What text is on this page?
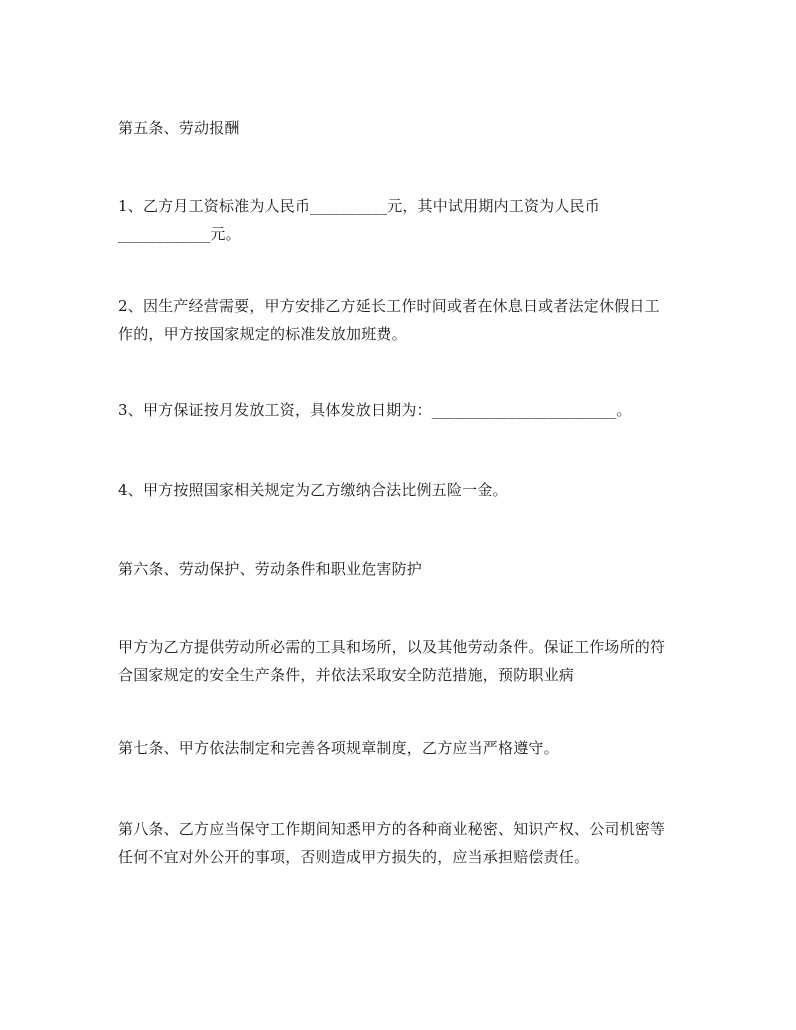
第五条、劳动报酬

1、乙方月工资标准为人民币__________元，其中试用期内工资为人民币
____________元。

2、因生产经营需要，甲方安排乙方延长工作时间或者在休息日或者法定休假日工
作的，甲方按国家规定的标准发放加班费。

3、甲方保证按月发放工资，具体发放日期为：________________________。

4、甲方按照国家相关规定为乙方缴纳合法比例五险一金。

第六条、劳动保护、劳动条件和职业危害防护

甲方为乙方提供劳动所必需的工具和场所，以及其他劳动条件。保证工作场所的符
合国家规定的安全生产条件，并依法采取安全防范措施，预防职业病

第七条、甲方依法制定和完善各项规章制度，乙方应当严格遵守。

第八条、乙方应当保守工作期间知悉甲方的各种商业秘密、知识产权、公司机密等
任何不宜对外公开的事项，否则造成甲方损失的，应当承担赔偿责任。
